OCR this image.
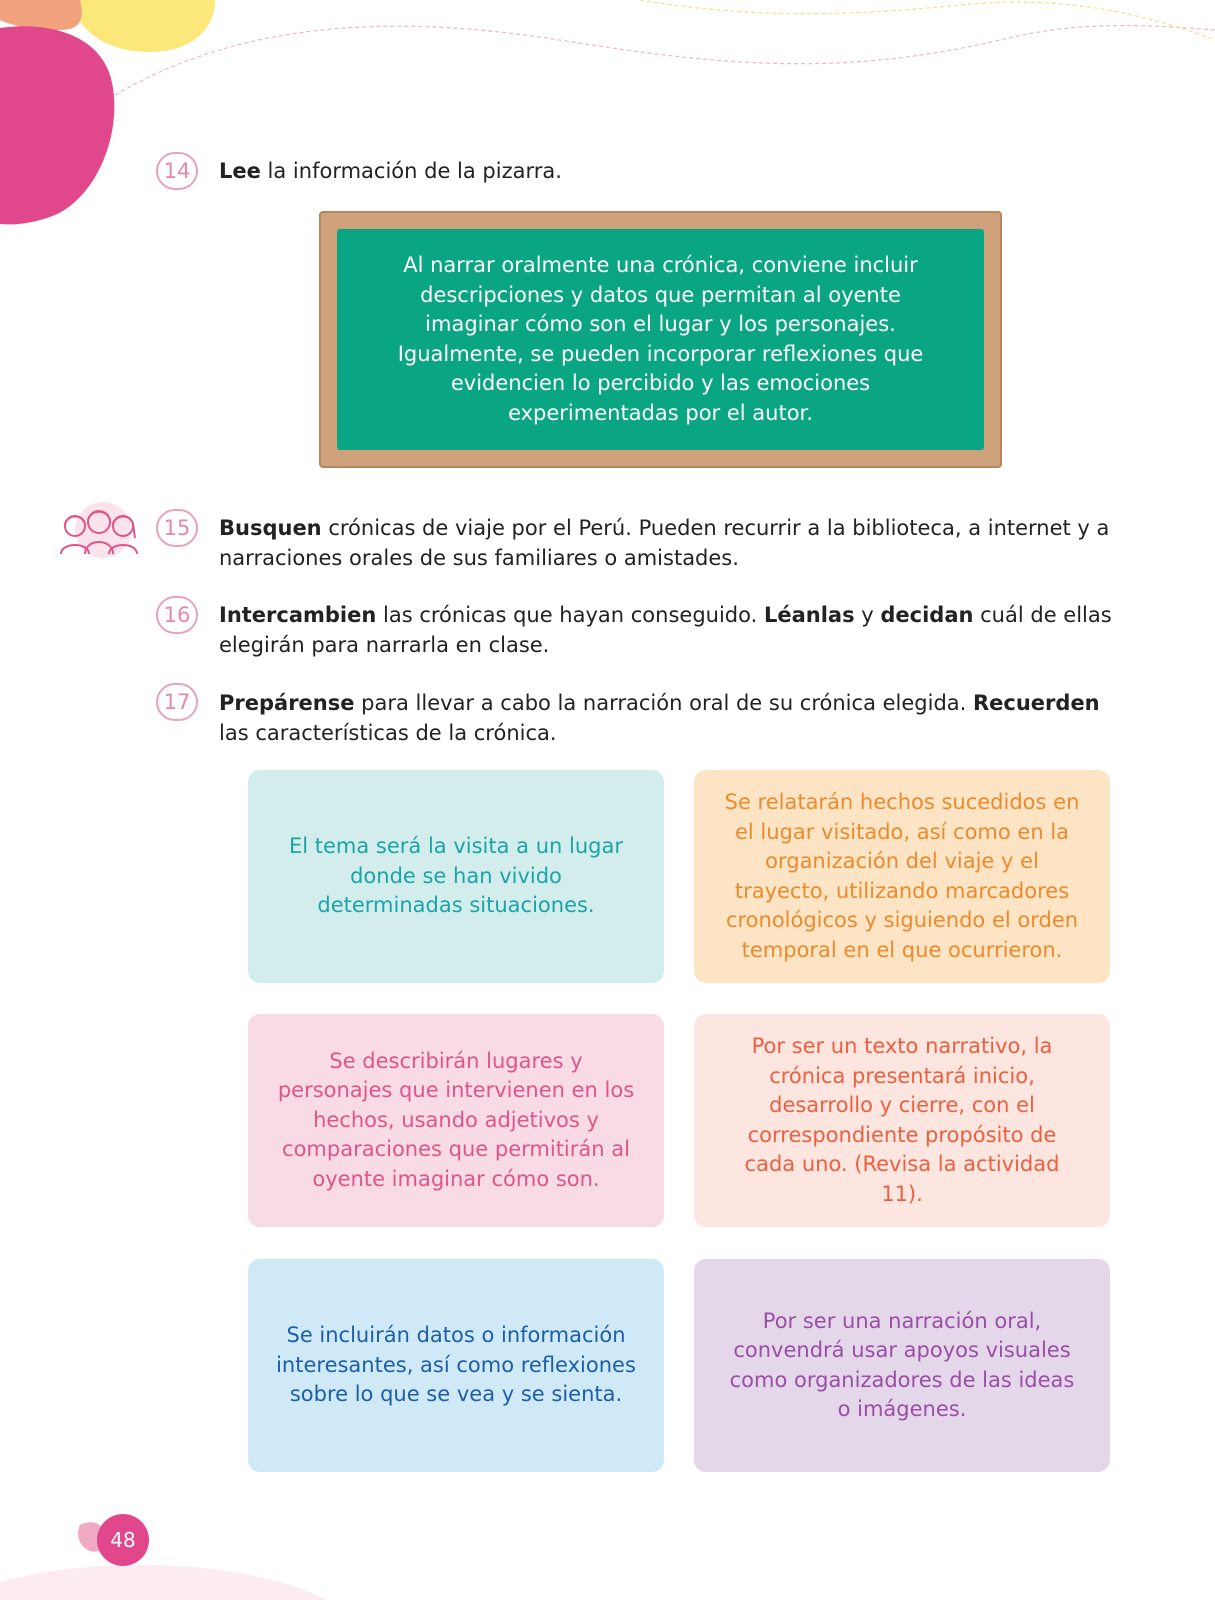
14	Lee la información de la pizarra.
Al narrar oralmente una crónica, conviene incluir descripciones y datos que permitan al oyente imaginar cómo son el lugar y los personajes. Igualmente, se pueden incorporar reflexiones que evidencien lo percibido y las emociones experimentadas por el autor.
15	Busquen crónicas de viaje por el Perú. Pueden recurrir a la biblioteca, a internet y a narraciones orales de sus familiares o amistades.
16	Intercambien las crónicas que hayan conseguido. Léanlas y decidan cuál de ellas elegirán para narrarla en clase.
17	Prepárense para llevar a cabo la narración oral de su crónica elegida. Recuerden las características de la crónica.
El tema será la visita a un lugar donde se han vivido determinadas situaciones.
Se relatarán hechos sucedidos en el lugar visitado, así como en la organización del viaje y el trayecto, utilizando marcadores cronológicos y siguiendo el orden temporal en el que ocurrieron.
Se describirán lugares y personajes que intervienen en los hechos, usando adjetivos y comparaciones que permitirán al oyente imaginar cómo son.
Por ser un texto narrativo, la crónica presentará inicio, desarrollo y cierre, con el correspondiente propósito de cada uno. (Revisa la actividad 11).
Se incluirán datos o información interesantes, así como reflexiones sobre lo que se vea y se sienta.
Por ser una narración oral, convendrá usar apoyos visuales como organizadores de las ideas o imágenes.
48
